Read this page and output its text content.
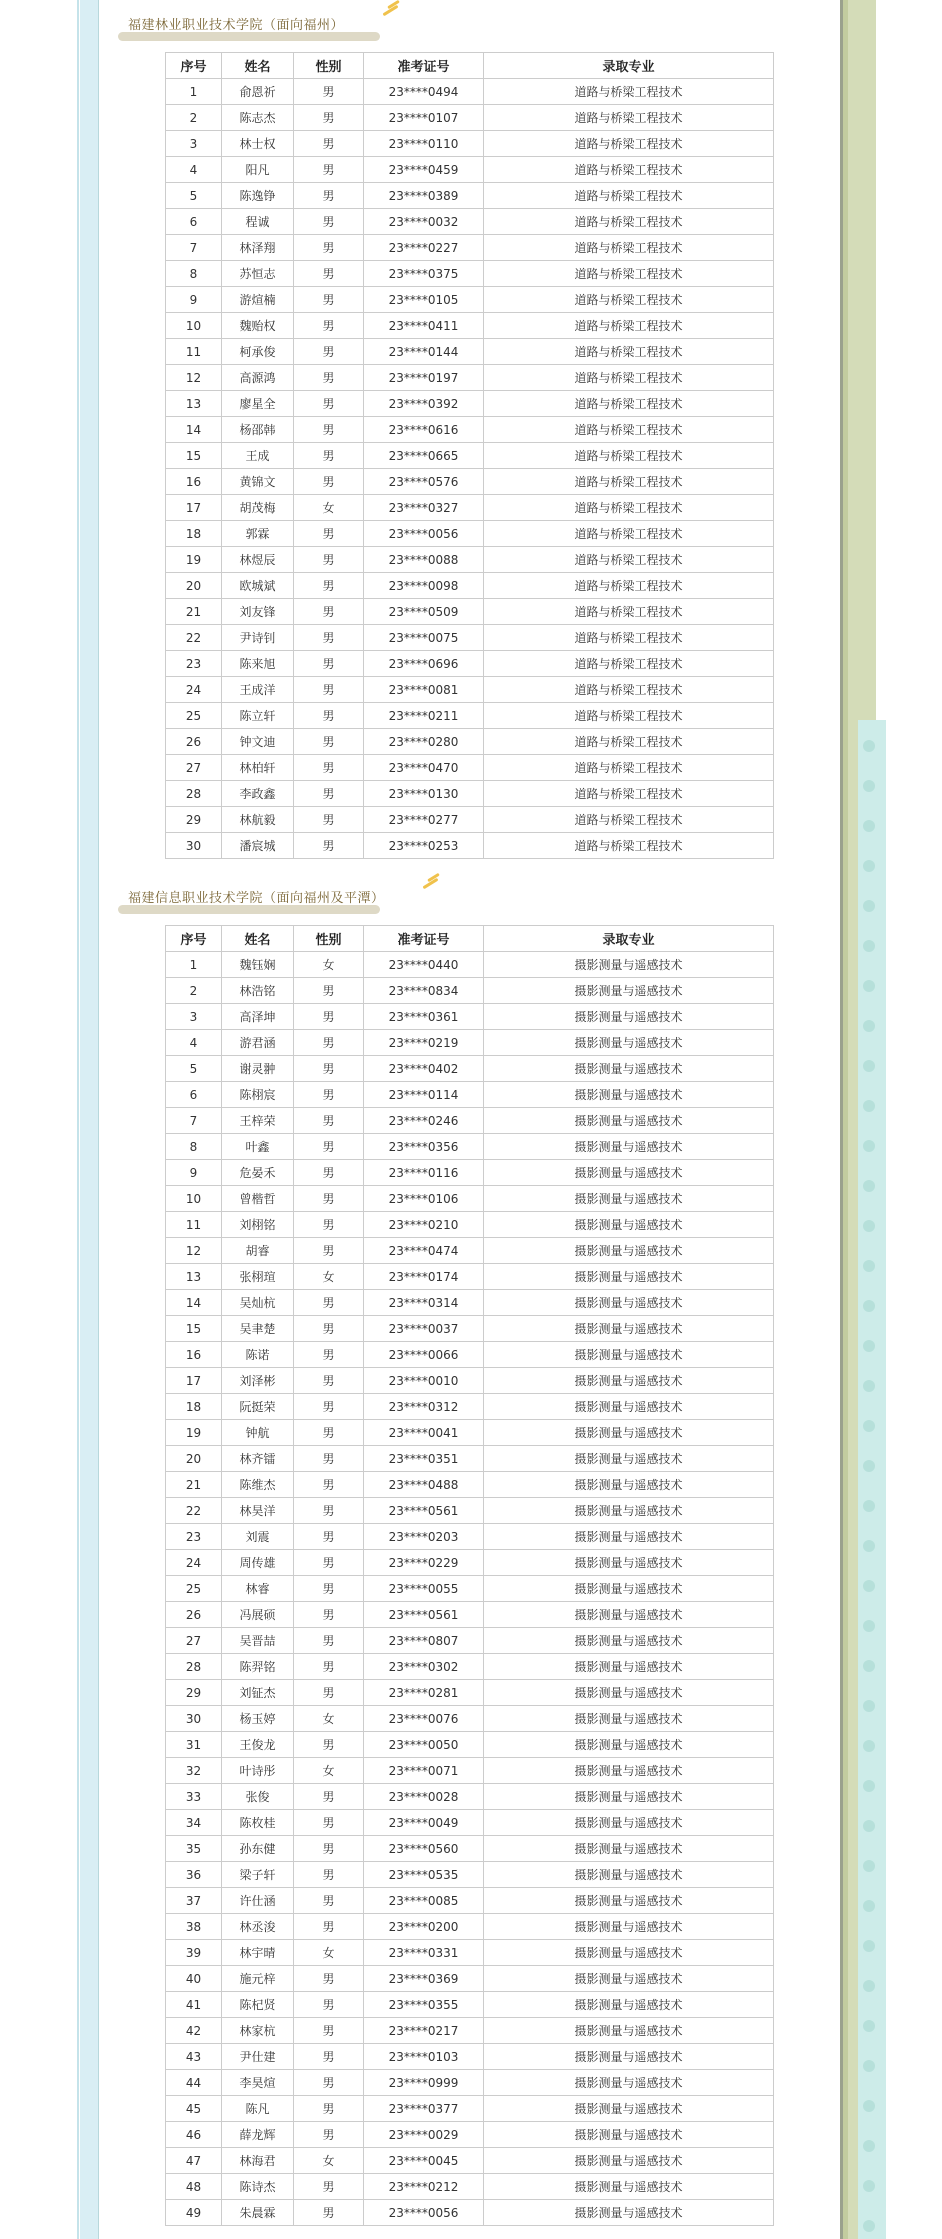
福建林业职业技术学院（面向福州）
序号	姓名	性别	准考证号	录取专业
1	俞恩祈	男	23****0494	道路与桥梁工程技术
2	陈志杰	男	23****0107	道路与桥梁工程技术
3	林士权	男	23****0110	道路与桥梁工程技术
4	阳凡	男	23****0459	道路与桥梁工程技术
5	陈逸铮	男	23****0389	道路与桥梁工程技术
6	程诚	男	23****0032	道路与桥梁工程技术
7	林泽翔	男	23****0227	道路与桥梁工程技术
8	苏恒志	男	23****0375	道路与桥梁工程技术
9	游煊楠	男	23****0105	道路与桥梁工程技术
10	魏贻权	男	23****0411	道路与桥梁工程技术
11	柯承俊	男	23****0144	道路与桥梁工程技术
12	高源鸿	男	23****0197	道路与桥梁工程技术
13	廖星全	男	23****0392	道路与桥梁工程技术
14	杨邵韩	男	23****0616	道路与桥梁工程技术
15	王成	男	23****0665	道路与桥梁工程技术
16	黄锦文	男	23****0576	道路与桥梁工程技术
17	胡茂梅	女	23****0327	道路与桥梁工程技术
18	郭霖	男	23****0056	道路与桥梁工程技术
19	林煜辰	男	23****0088	道路与桥梁工程技术
20	欧城斌	男	23****0098	道路与桥梁工程技术
21	刘友锋	男	23****0509	道路与桥梁工程技术
22	尹诗钊	男	23****0075	道路与桥梁工程技术
23	陈来旭	男	23****0696	道路与桥梁工程技术
24	王成洋	男	23****0081	道路与桥梁工程技术
25	陈立轩	男	23****0211	道路与桥梁工程技术
26	钟文迪	男	23****0280	道路与桥梁工程技术
27	林柏轩	男	23****0470	道路与桥梁工程技术
28	李政鑫	男	23****0130	道路与桥梁工程技术
29	林航毅	男	23****0277	道路与桥梁工程技术
30	潘宸城	男	23****0253	道路与桥梁工程技术
福建信息职业技术学院（面向福州及平潭）
序号	姓名	性别	准考证号	录取专业
1	魏钰娴	女	23****0440	摄影测量与遥感技术
2	林浩铭	男	23****0834	摄影测量与遥感技术
3	高泽坤	男	23****0361	摄影测量与遥感技术
4	游君涵	男	23****0219	摄影测量与遥感技术
5	谢灵翀	男	23****0402	摄影测量与遥感技术
6	陈栩宸	男	23****0114	摄影测量与遥感技术
7	王梓荣	男	23****0246	摄影测量与遥感技术
8	叶鑫	男	23****0356	摄影测量与遥感技术
9	危晏禾	男	23****0116	摄影测量与遥感技术
10	曾楷哲	男	23****0106	摄影测量与遥感技术
11	刘栩铭	男	23****0210	摄影测量与遥感技术
12	胡睿	男	23****0474	摄影测量与遥感技术
13	张栩瑄	女	23****0174	摄影测量与遥感技术
14	吴灿杭	男	23****0314	摄影测量与遥感技术
15	吴聿楚	男	23****0037	摄影测量与遥感技术
16	陈诺	男	23****0066	摄影测量与遥感技术
17	刘泽彬	男	23****0010	摄影测量与遥感技术
18	阮挺荣	男	23****0312	摄影测量与遥感技术
19	钟航	男	23****0041	摄影测量与遥感技术
20	林齐镭	男	23****0351	摄影测量与遥感技术
21	陈维杰	男	23****0488	摄影测量与遥感技术
22	林昊洋	男	23****0561	摄影测量与遥感技术
23	刘震	男	23****0203	摄影测量与遥感技术
24	周传雄	男	23****0229	摄影测量与遥感技术
25	林睿	男	23****0055	摄影测量与遥感技术
26	冯展硕	男	23****0561	摄影测量与遥感技术
27	吴晋喆	男	23****0807	摄影测量与遥感技术
28	陈羿铭	男	23****0302	摄影测量与遥感技术
29	刘钲杰	男	23****0281	摄影测量与遥感技术
30	杨玉婷	女	23****0076	摄影测量与遥感技术
31	王俊龙	男	23****0050	摄影测量与遥感技术
32	叶诗彤	女	23****0071	摄影测量与遥感技术
33	张俊	男	23****0028	摄影测量与遥感技术
34	陈枚桂	男	23****0049	摄影测量与遥感技术
35	孙东健	男	23****0560	摄影测量与遥感技术
36	梁子轩	男	23****0535	摄影测量与遥感技术
37	许仕涵	男	23****0085	摄影测量与遥感技术
38	林丞浚	男	23****0200	摄影测量与遥感技术
39	林宇晴	女	23****0331	摄影测量与遥感技术
40	施元梓	男	23****0369	摄影测量与遥感技术
41	陈杞贤	男	23****0355	摄影测量与遥感技术
42	林家杭	男	23****0217	摄影测量与遥感技术
43	尹仕建	男	23****0103	摄影测量与遥感技术
44	李昊煊	男	23****0999	摄影测量与遥感技术
45	陈凡	男	23****0377	摄影测量与遥感技术
46	薛龙辉	男	23****0029	摄影测量与遥感技术
47	林海君	女	23****0045	摄影测量与遥感技术
48	陈诗杰	男	23****0212	摄影测量与遥感技术
49	朱晨霖	男	23****0056	摄影测量与遥感技术
